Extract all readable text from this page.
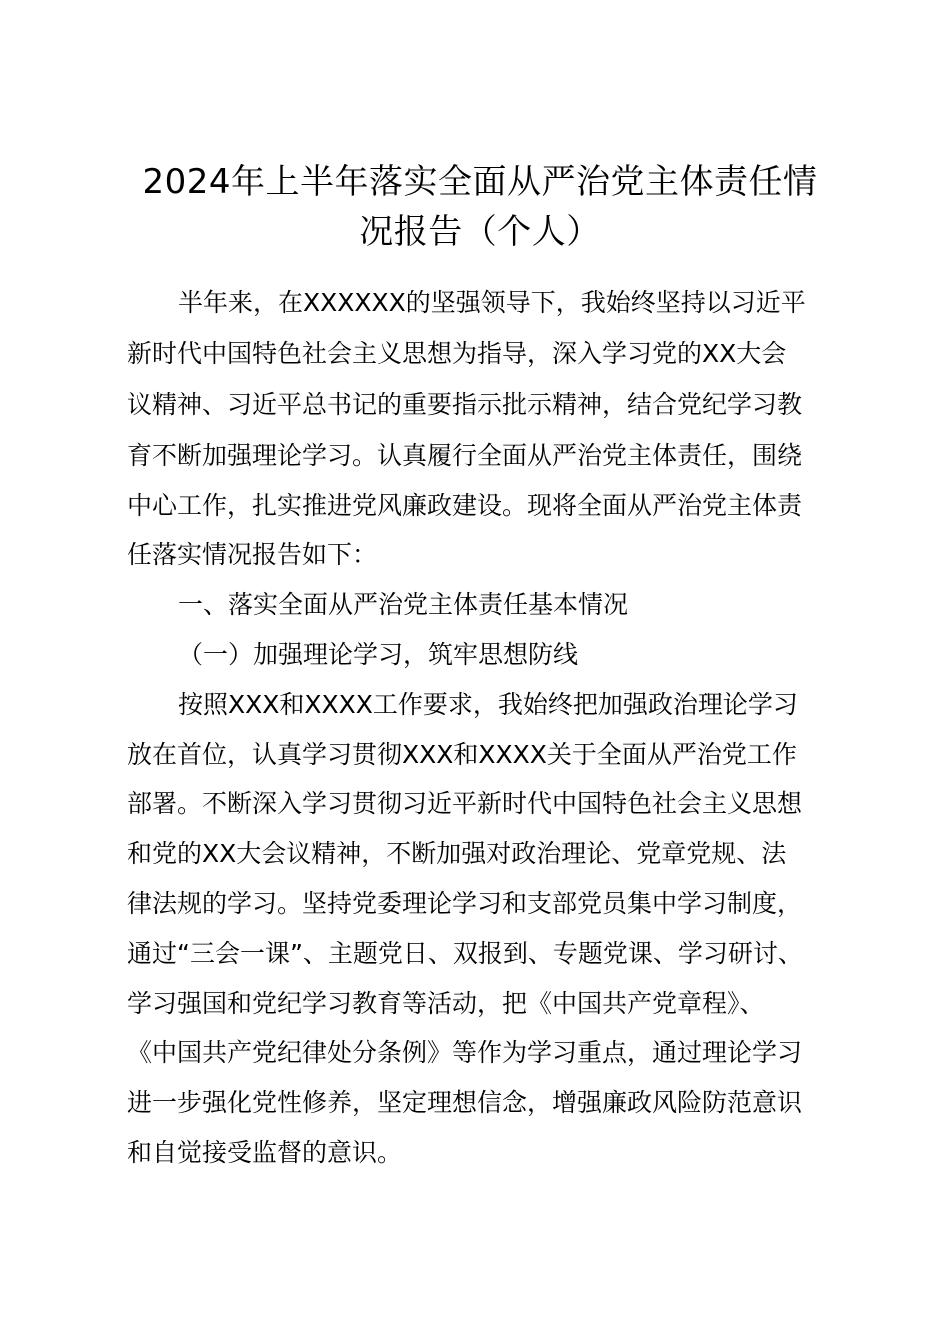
2024年上半年落实全面从严治党主体责任情
况报告（个人）
半年来，在XXXXXX的坚强领导下，我始终坚持以习近平
新时代中国特色社会主义思想为指导，深入学习党的XX大会
议精神、习近平总书记的重要指示批示精神，结合党纪学习教
育不断加强理论学习。认真履行全面从严治党主体责任，围绕
中心工作，扎实推进党风廉政建设。现将全面从严治党主体责
任落实情况报告如下：
一、落实全面从严治党主体责任基本情况
（一）加强理论学习，筑牢思想防线
按照XXX和XXXX工作要求，我始终把加强政治理论学习
放在首位，认真学习贯彻XXX和XXXX关于全面从严治党工作
部署。不断深入学习贯彻习近平新时代中国特色社会主义思想
和党的XX大会议精神，不断加强对政治理论、党章党规、法
律法规的学习。坚持党委理论学习和支部党员集中学习制度，
通过“三会一课”、主题党日、双报到、专题党课、学习研讨、
学习强国和党纪学习教育等活动，把《中国共产党章程》、
《中国共产党纪律处分条例》等作为学习重点，通过理论学习
进一步强化党性修养，坚定理想信念，增强廉政风险防范意识
和自觉接受监督的意识。
